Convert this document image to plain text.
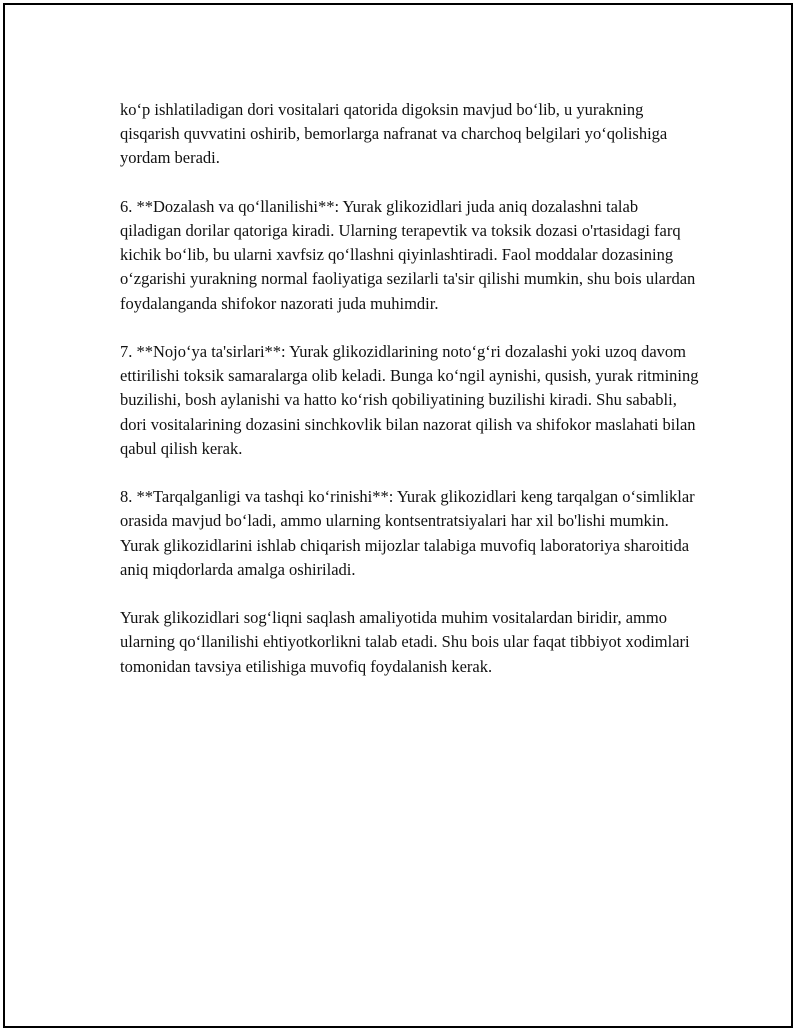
ko‘p ishlatiladigan dori vositalari qatorida digoksin mavjud bo‘lib, u yurakning qisqarish quvvatini oshirib, bemorlarga nafranat va charchoq belgilari yo‘qolishiga yordam beradi.

6. **Dozalash va qo‘llanilishi**: Yurak glikozidlari juda aniq dozalashni talab qiladigan dorilar qatoriga kiradi. Ularning terapevtik va toksik dozasi o'rtasidagi farq kichik bo‘lib, bu ularni xavfsiz qo‘llashni qiyinlashtiradi. Faol moddalar dozasining o‘zgarishi yurakning normal faoliyatiga sezilarli ta'sir qilishi mumkin, shu bois ulardan foydalanganda shifokor nazorati juda muhimdir.

7. **Nojo‘ya ta'sirlari**: Yurak glikozidlarining noto‘g‘ri dozalashi yoki uzoq davom ettirilishi toksik samaralarga olib keladi. Bunga ko‘ngil aynishi, qusish, yurak ritmining buzilishi, bosh aylanishi va hatto ko‘rish qobiliyatining buzilishi kiradi. Shu sababli, dori vositalarining dozasini sinchkovlik bilan nazorat qilish va shifokor maslahati bilan qabul qilish kerak.

8. **Tarqalganligi va tashqi ko‘rinishi**: Yurak glikozidlari keng tarqalgan o‘simliklar orasida mavjud bo‘ladi, ammo ularning kontsentratsiyalari har xil bo'lishi mumkin. Yurak glikozidlarini ishlab chiqarish mijozlar talabiga muvofiq laboratoriya sharoitida aniq miqdorlarda amalga oshiriladi.

Yurak glikozidlari sog‘liqni saqlash amaliyotida muhim vositalardan biridir, ammo ularning qo‘llanilishi ehtiyotkorlikni talab etadi. Shu bois ular faqat tibbiyot xodimlari tomonidan tavsiya etilishiga muvofiq foydalanish kerak.
